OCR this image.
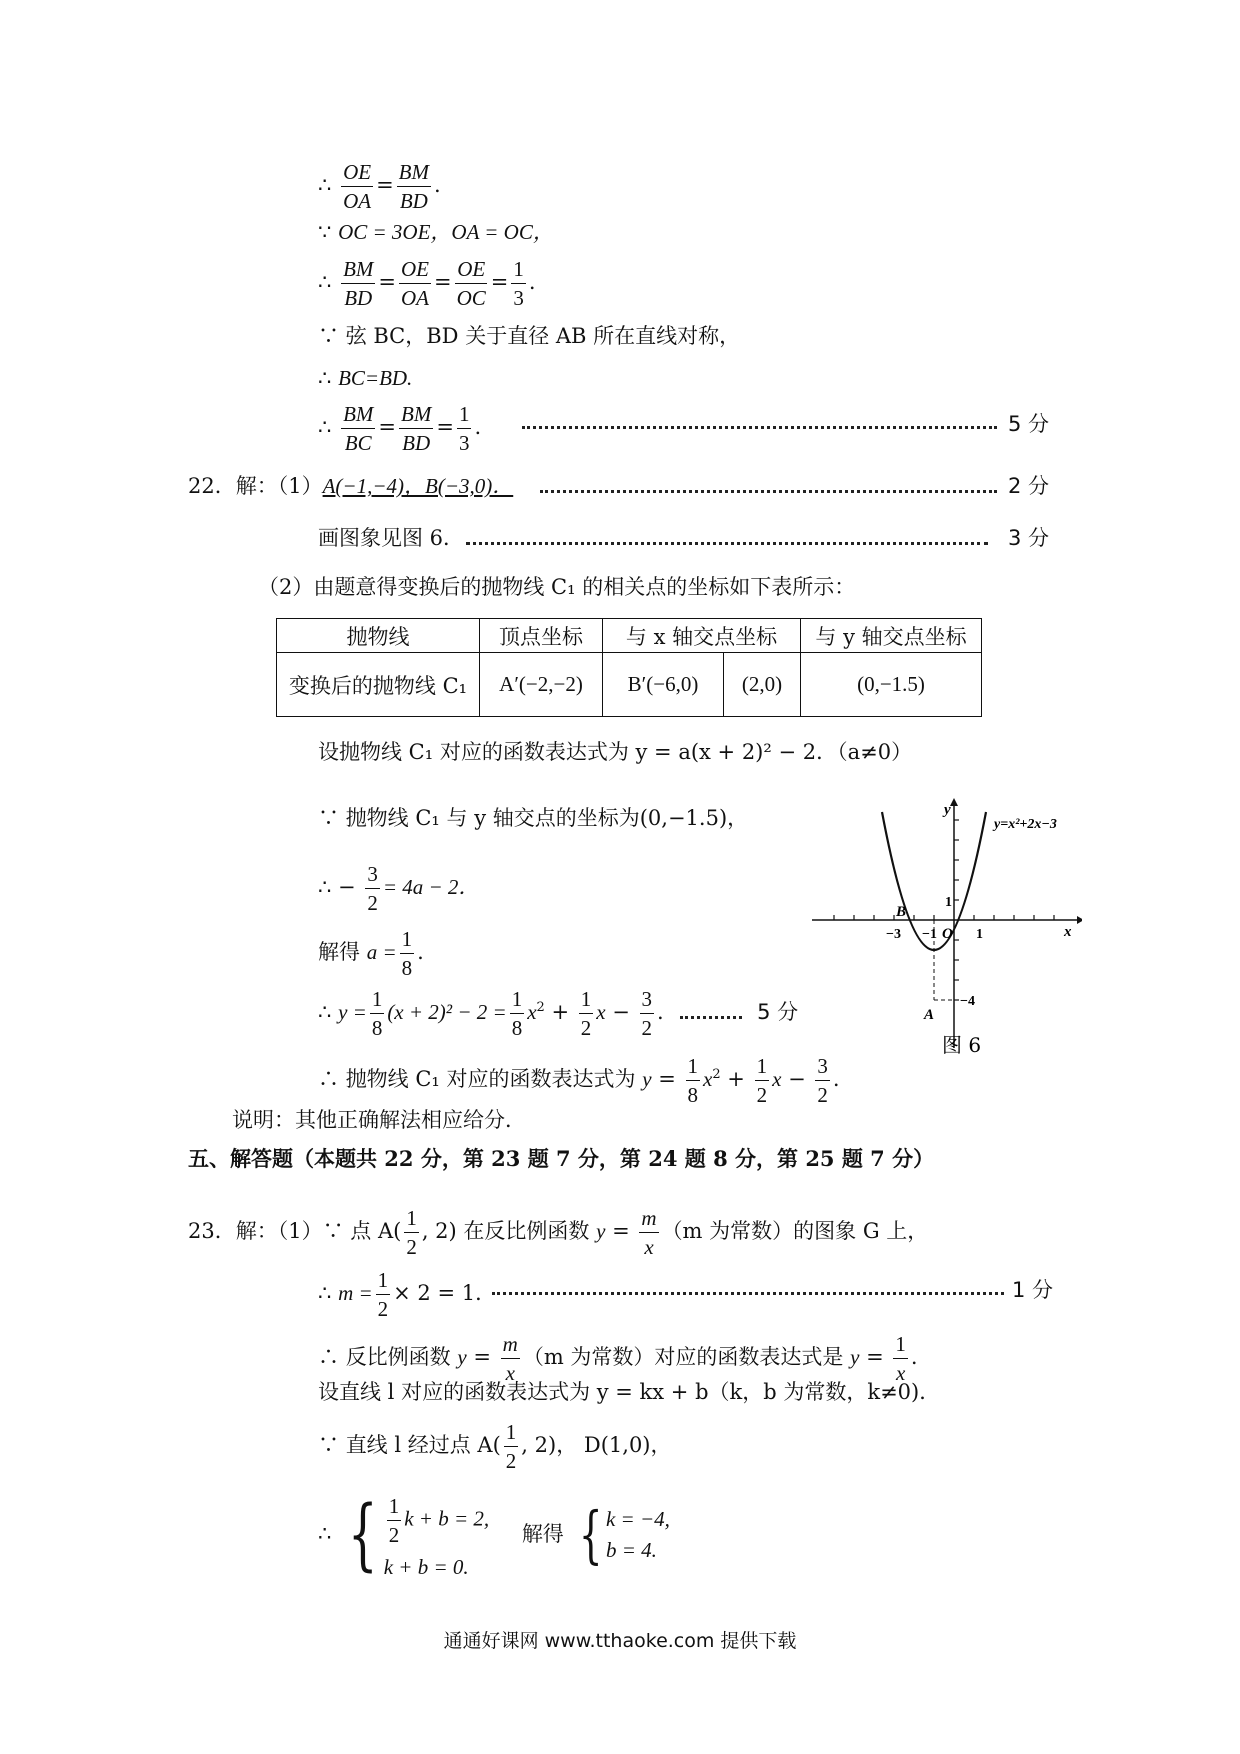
∴ $\frac{OE}{OA} = \frac{BM}{BD}$ .
∵ OC = 3OE，OA = OC，
∴ $\frac{BM}{BD} = \frac{OE}{OA} = \frac{OE}{OC} = \frac{1}{3}$ .
∵ 弦 BC，BD 关于直径 AB 所在直线对称，
∴ BC=BD.
∴ $\frac{BM}{BC} = \frac{BM}{BD} = \frac{1}{3}$ .	5 分
22．解：（1）A(−1,−4)，B(−3,0)．	2 分
画图象见图 6．	3 分
（2）由题意得变换后的抛物线 C₁ 的相关点的坐标如下表所示：
抛物线	顶点坐标	与 x 轴交点坐标		与 y 轴交点坐标
变换后的抛物线 C₁	A′(−2,−2)	B′(−6,0)	(2,0)	(0,−1.5)
设抛物线 C₁ 对应的函数表达式为 y = a(x + 2)² − 2．（a≠0）
∵ 抛物线 C₁ 与 y 轴交点的坐标为(0,−1.5)，
∴ − $\frac{3}{2} = 4a - 2$．
解得 $a = \frac{1}{8}$ .
∴ $y = \frac{1}{8} (x + 2)^2 - 2 = \frac{1}{8} x^2 + \frac{1}{2}$ $x - \frac{3}{2}$ .	5 分
∴ 抛物线 C₁ 对应的函数表达式为 $y = \frac{1}{8} x^2 + \frac{1}{2}$ $x - \frac{3}{2}$ .
说明：其他正确解法相应给分．
y=x²+2x−3
y
x
O
B
A
1
−3 −1	1
−4
图 6
五、解答题（本题共 22 分，第 23 题 7 分，第 24 题 8 分，第 25 题 7 分）
23．解：（1）∵ 点 $A( \frac{1}{2}$ , 2) 在反比例函数 $y = \frac{m}{x} (m$ 为常数）的图象 G 上，
∴ $m = \frac{1}{2} \times 2 = 1$．	1 分
∴ 反比例函数 $y = \frac{m}{x} (m$ 为常数）对应的函数表达式是 $y = \frac{1}{x}$ .
设直线 l 对应的函数表达式为 y = kx + b（k，b 为常数，k≠0)．
∵ 直线 l 经过点 $A( \frac{1}{2}$ , 2)， D(1,0)，
∴ { $\frac{1}{2}$ k + b = 2,
k + b = 0.
解得 { k = −4,
b = 4.
通通好课网 www.tthaoke.com 提供下载
